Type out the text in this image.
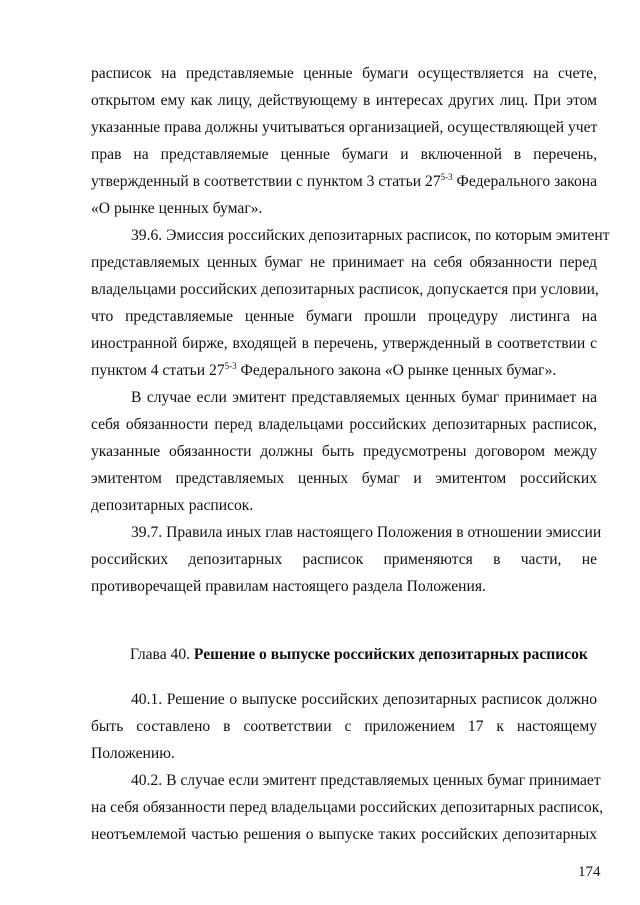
расписок на представляемые ценные бумаги осуществляется на счете,
открытом ему как лицу, действующему в интересах других лиц. При этом
указанные права должны учитываться организацией, осуществляющей учет
прав на представляемые ценные бумаги и включенной в перечень,
утвержденный в соответствии с пунктом 3 статьи 27$^{5-3}$ Федерального закона
«О рынке ценных бумаг».
39.6. Эмиссия российских депозитарных расписок, по которым эмитент
представляемых ценных бумаг не принимает на себя обязанности перед
владельцами российских депозитарных расписок, допускается при условии,
что представляемые ценные бумаги прошли процедуру листинга на
иностранной бирже, входящей в перечень, утвержденный в соответствии с
пунктом 4 статьи 27$^{5-3}$ Федерального закона «О рынке ценных бумаг».
В случае если эмитент представляемых ценных бумаг принимает на
себя обязанности перед владельцами российских депозитарных расписок,
указанные обязанности должны быть предусмотрены договором между
эмитентом представляемых ценных бумаг и эмитентом российских
депозитарных расписок.
39.7. Правила иных глав настоящего Положения в отношении эмиссии
российских депозитарных расписок применяются в части, не
противоречащей правилам настоящего раздела Положения.
Глава 40. Решение о выпуске российских депозитарных расписок
40.1. Решение о выпуске российских депозитарных расписок должно
быть составлено в соответствии с приложением 17 к настоящему
Положению.
40.2. В случае если эмитент представляемых ценных бумаг принимает
на себя обязанности перед владельцами российских депозитарных расписок,
неотъемлемой частью решения о выпуске таких российских депозитарных
174
